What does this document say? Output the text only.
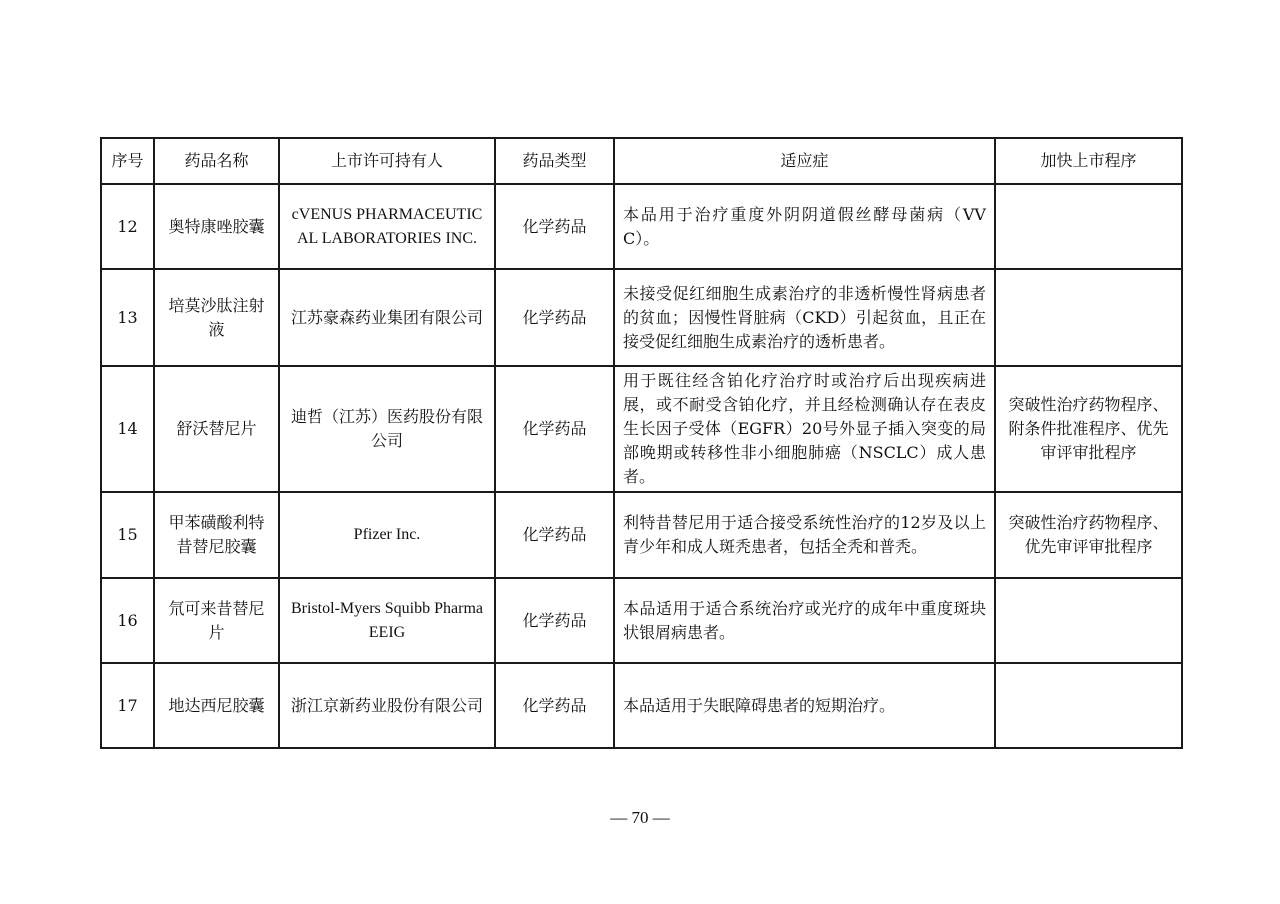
序号	药品名称	上市许可持有人	药品类型	适应症	加快上市程序
12	奥特康唑胶囊	cVENUS PHARMACEUTICAL LABORATORIES INC.	化学药品	本品用于治疗重度外阴阴道假丝酵母菌病（VVC）。	
13	培莫沙肽注射液	江苏豪森药业集团有限公司	化学药品	未接受促红细胞生成素治疗的非透析慢性肾病患者的贫血；因慢性肾脏病（CKD）引起贫血，且正在接受促红细胞生成素治疗的透析患者。	
14	舒沃替尼片	迪哲（江苏）医药股份有限公司	化学药品	用于既往经含铂化疗治疗时或治疗后出现疾病进展，或不耐受含铂化疗，并且经检测确认存在表皮生长因子受体（EGFR）20号外显子插入突变的局部晚期或转移性非小细胞肺癌（NSCLC）成人患者。	突破性治疗药物程序、附条件批准程序、优先审评审批程序
15	甲苯磺酸利特昔替尼胶囊	Pfizer Inc.	化学药品	利特昔替尼用于适合接受系统性治疗的12岁及以上青少年和成人斑秃患者，包括全秃和普秃。	突破性治疗药物程序、优先审评审批程序
16	氘可来昔替尼片	Bristol-Myers Squibb Pharma EEIG	化学药品	本品适用于适合系统治疗或光疗的成年中重度斑块状银屑病患者。	
17	地达西尼胶囊	浙江京新药业股份有限公司	化学药品	本品适用于失眠障碍患者的短期治疗。	
— 70 —
